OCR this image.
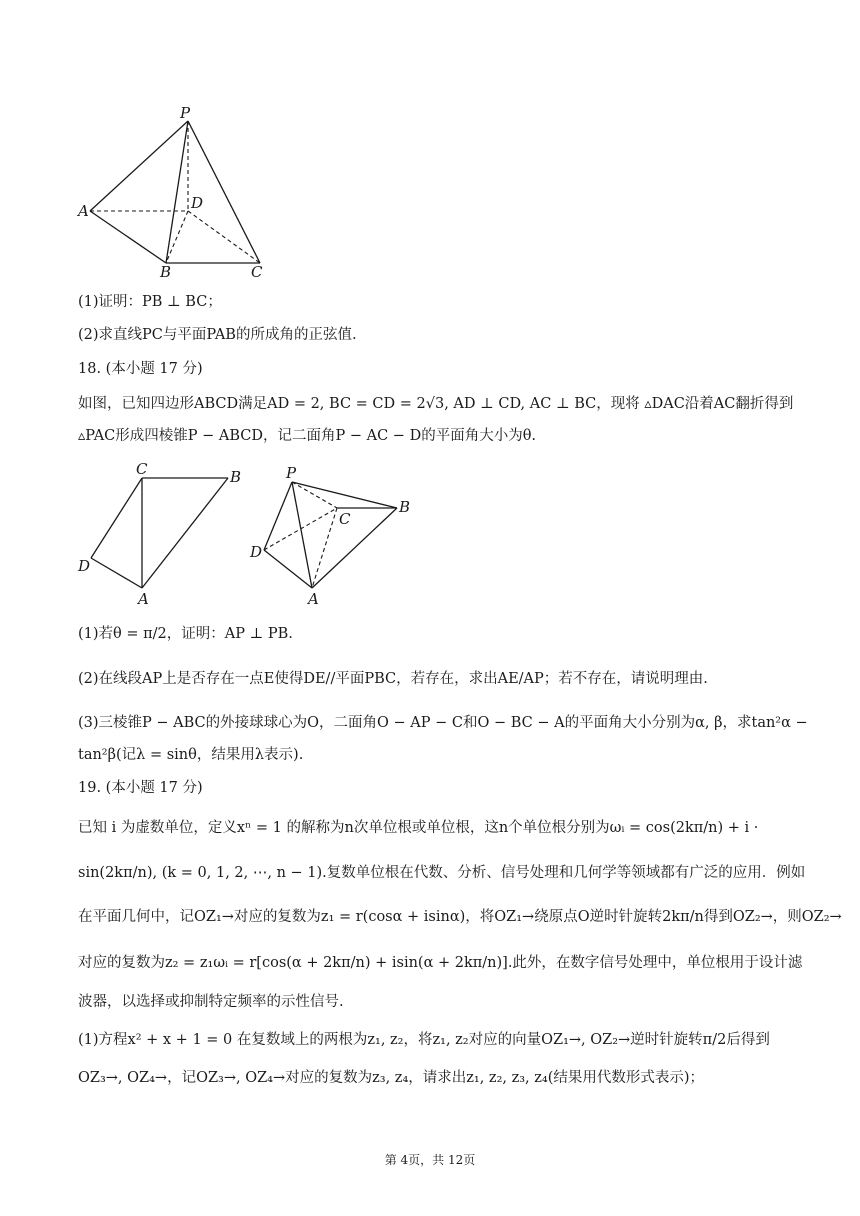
P
A	D
B	C
(1)证明：PB ⊥ BC；
(2)求直线PC与平面PAB的所成角的正弦值.
18. (本小题 17 分)
如图，已知四边形ABCD满足AD = 2, BC = CD = 2√3, AD ⊥ CD, AC ⊥ BC，现将 ▵DAC沿着AC翻折得到
▵PAC形成四棱锥P − ABCD，记二面角P − AC − D的平面角大小为θ.
C	B
D
A
P
C
B
D
A
(1)若θ = π/2，证明：AP ⊥ PB.
(2)在线段AP上是否存在一点E使得DE//平面PBC，若存在，求出AE/AP；若不存在，请说明理由.
(3)三棱锥P − ABC的外接球球心为O，二面角O − AP − C和O − BC − A的平面角大小分别为α, β，求tan²α −
tan²β(记λ = sinθ，结果用λ表示).
19. (本小题 17 分)
已知 i 为虚数单位，定义xⁿ = 1 的解称为n次单位根或单位根，这n个单位根分别为ωᵢ = cos(2kπ/n) + i ·
sin(2kπ/n), (k = 0, 1, 2, ⋯, n − 1).复数单位根在代数、分析、信号处理和几何学等领域都有广泛的应用．例如
在平面几何中，记OZ₁→对应的复数为z₁ = r(cosα + isinα)，将OZ₁→绕原点O逆时针旋转2kπ/n得到OZ₂→，则OZ₂→
对应的复数为z₂ = z₁ωᵢ = r[cos(α + 2kπ/n) + isin(α + 2kπ/n)].此外，在数字信号处理中，单位根用于设计滤
波器，以选择或抑制特定频率的示性信号.
(1)方程x² + x + 1 = 0 在复数域上的两根为z₁, z₂，将z₁, z₂对应的向量OZ₁→, OZ₂→逆时针旋转π/2后得到
OZ₃→, OZ₄→，记OZ₃→, OZ₄→对应的复数为z₃, z₄，请求出z₁, z₂, z₃, z₄(结果用代数形式表示)；
第 4页，共 12页
